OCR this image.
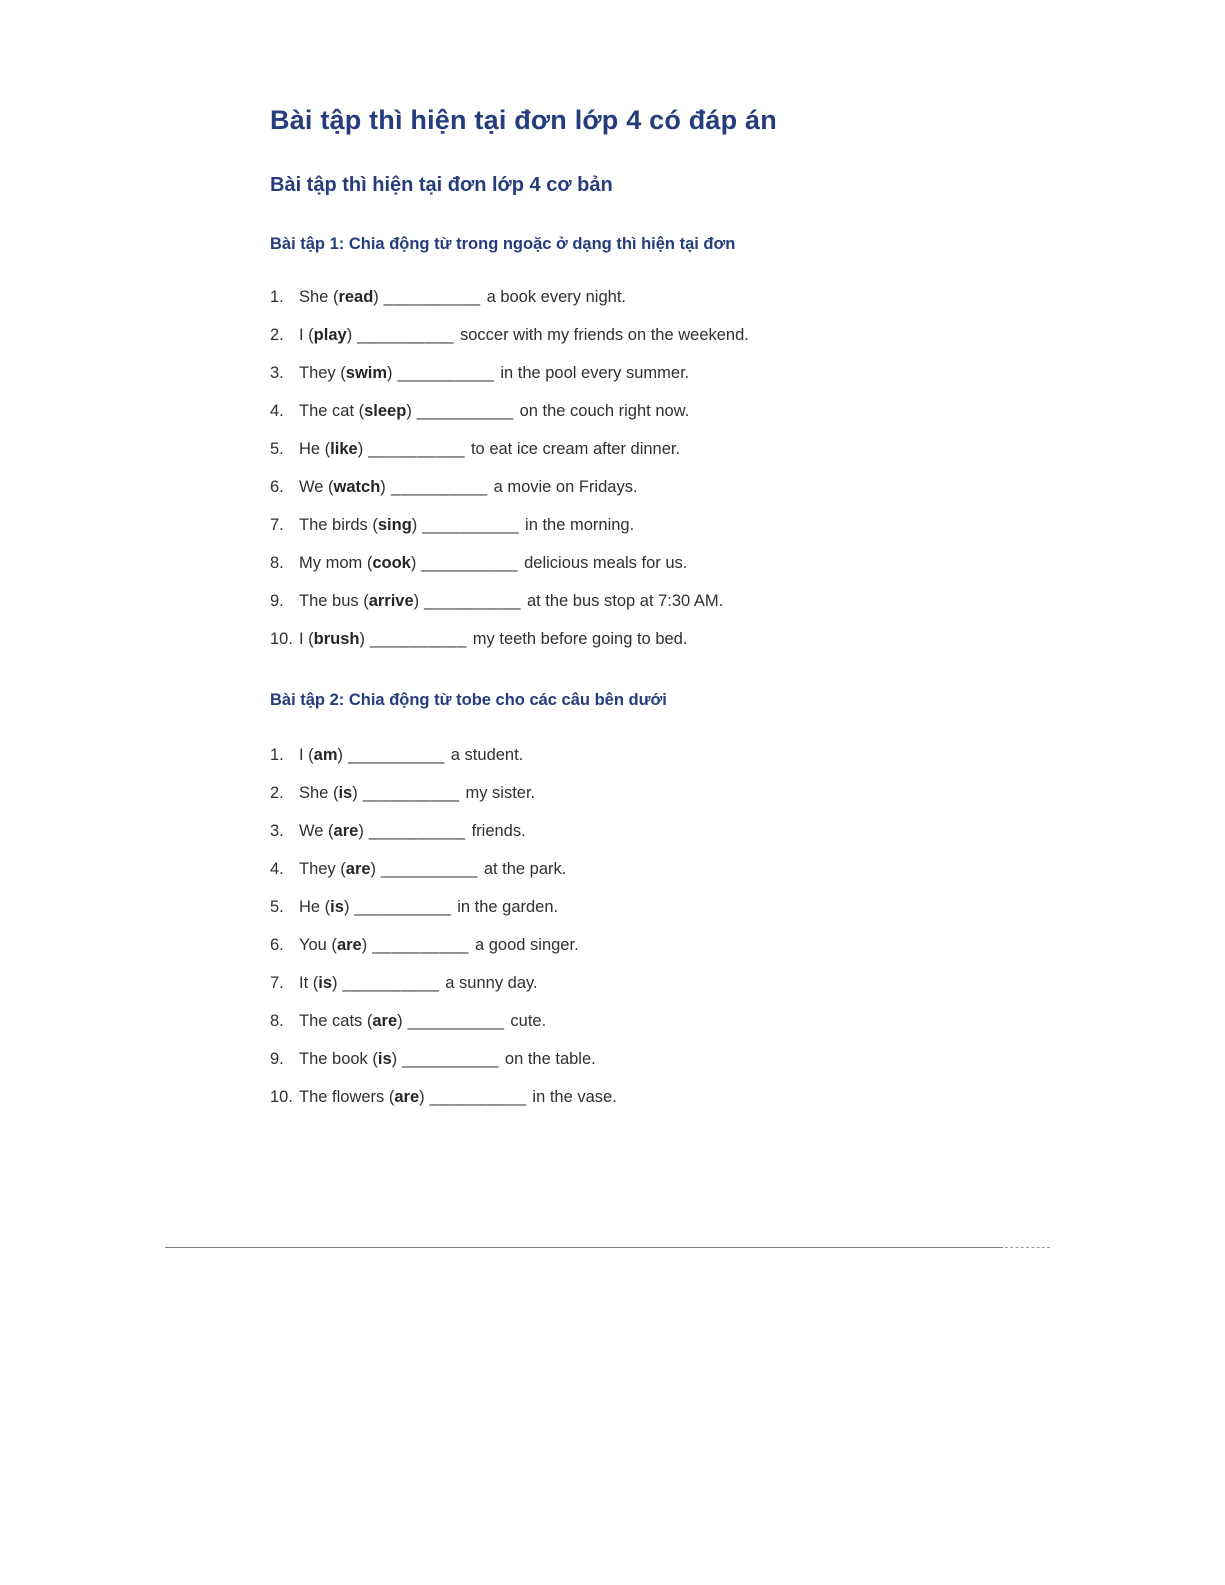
Bài tập thì hiện tại đơn lớp 4 có đáp án
Bài tập thì hiện tại đơn lớp 4 cơ bản
Bài tập 1: Chia động từ trong ngoặc ở dạng thì hiện tại đơn
1. She (read) __________ a book every night.
2. I (play) __________ soccer with my friends on the weekend.
3. They (swim) __________ in the pool every summer.
4. The cat (sleep) __________ on the couch right now.
5. He (like) __________ to eat ice cream after dinner.
6. We (watch) __________ a movie on Fridays.
7. The birds (sing) __________ in the morning.
8. My mom (cook) __________ delicious meals for us.
9. The bus (arrive) __________ at the bus stop at 7:30 AM.
10. I (brush) __________ my teeth before going to bed.
Bài tập 2: Chia động từ tobe cho các câu bên dưới
1. I (am) __________ a student.
2. She (is) __________ my sister.
3. We (are) __________ friends.
4. They (are) __________ at the park.
5. He (is) __________ in the garden.
6. You (are) __________ a good singer.
7. It (is) __________ a sunny day.
8. The cats (are) __________ cute.
9. The book (is) __________ on the table.
10. The flowers (are) __________ in the vase.
